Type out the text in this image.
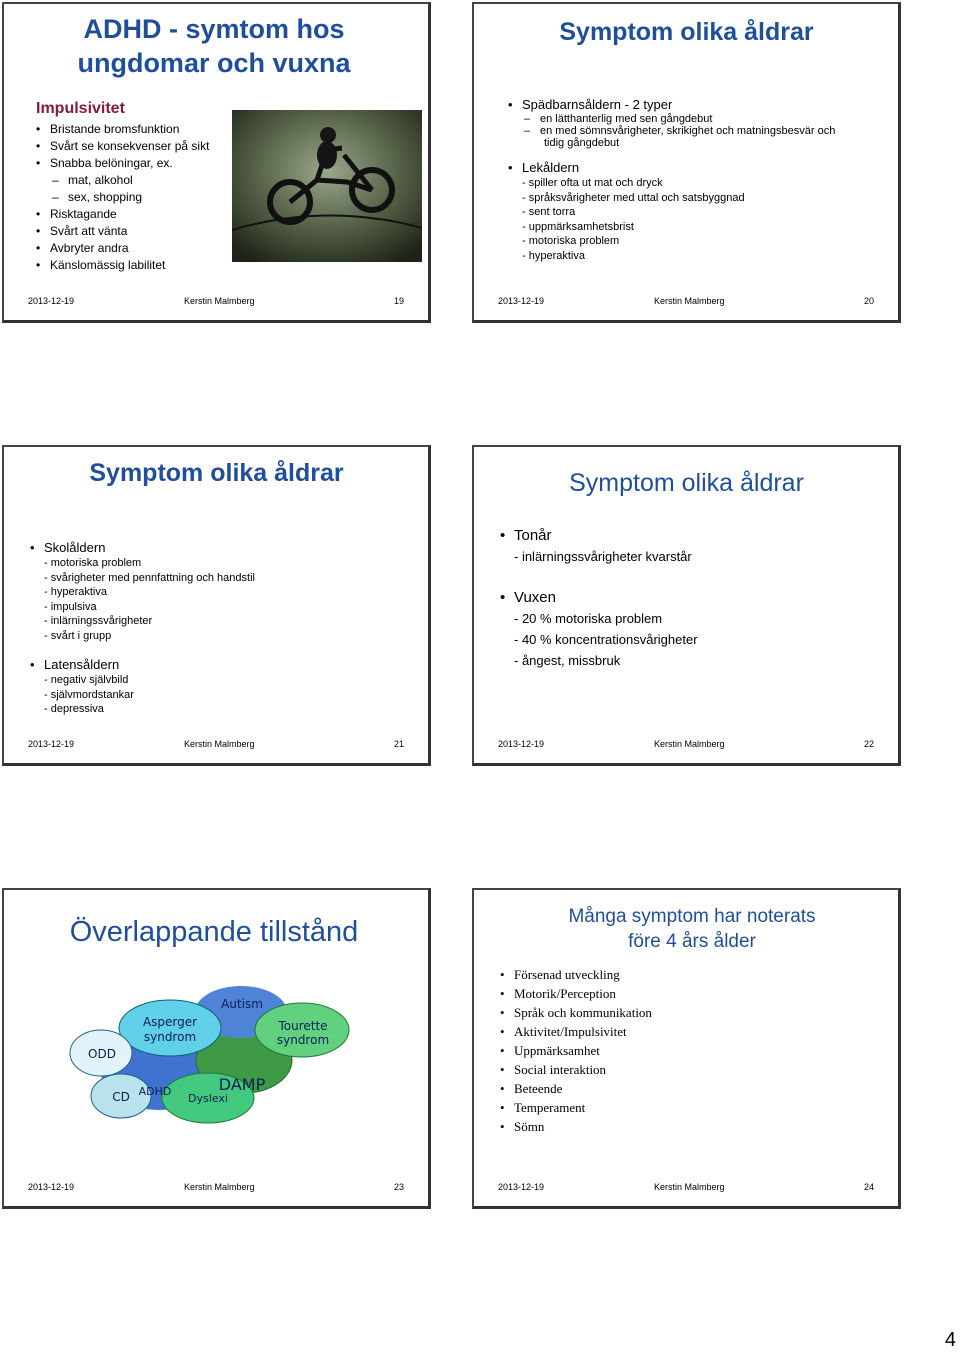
ADHD - symtom hos
ungdomar och vuxna
Impulsivitet
• Bristande bromsfunktion
• Svårt se konsekvenser på sikt
• Snabba belöningar, ex.
– mat, alkohol
– sex, shopping
• Risktagande
• Svårt att vänta
• Avbryter andra
• Känslomässig labilitet
2013-12-19	Kerstin Malmberg	19
Symptom olika åldrar
• Spädbarnsåldern - 2 typer
– en lätthanterlig med sen gångdebut
– en med sömnsvårigheter, skrikighet och matningsbesvär och
tidig gångdebut
• Lekåldern
- spiller ofta ut mat och dryck
- språksvårigheter med uttal och satsbyggnad
- sent torra
- uppmärksamhetsbrist
- motoriska problem
- hyperaktiva
2013-12-19	Kerstin Malmberg	20
Symptom olika åldrar
• Skolåldern
- motoriska problem
- svårigheter med pennfattning och handstil
- hyperaktiva
- impulsiva
- inlärningssvårigheter
- svårt i grupp
• Latensåldern
- negativ självbild
- självmordstankar
- depressiva
2013-12-19	Kerstin Malmberg	21
Symptom olika åldrar
• Tonår
- inlärningssvårigheter kvarstår
• Vuxen
- 20 % motoriska problem
- 40 % koncentrationsvårigheter
- ångest, missbruk
2013-12-19	Kerstin Malmberg	22
Överlappande tillstånd
ODD
Asperger
syndrom
ADHD
Autism
DAMP
Tourette
syndrom
CD	Dyslexi
2013-12-19	Kerstin Malmberg	23
Många symptom har noterats
före 4 års ålder
• Försenad utveckling
• Motorik/Perception
• Språk och kommunikation
• Aktivitet/Impulsivitet
• Uppmärksamhet
• Social interaktion
• Beteende
• Temperament
• Sömn
2013-12-19	Kerstin Malmberg	24
4
